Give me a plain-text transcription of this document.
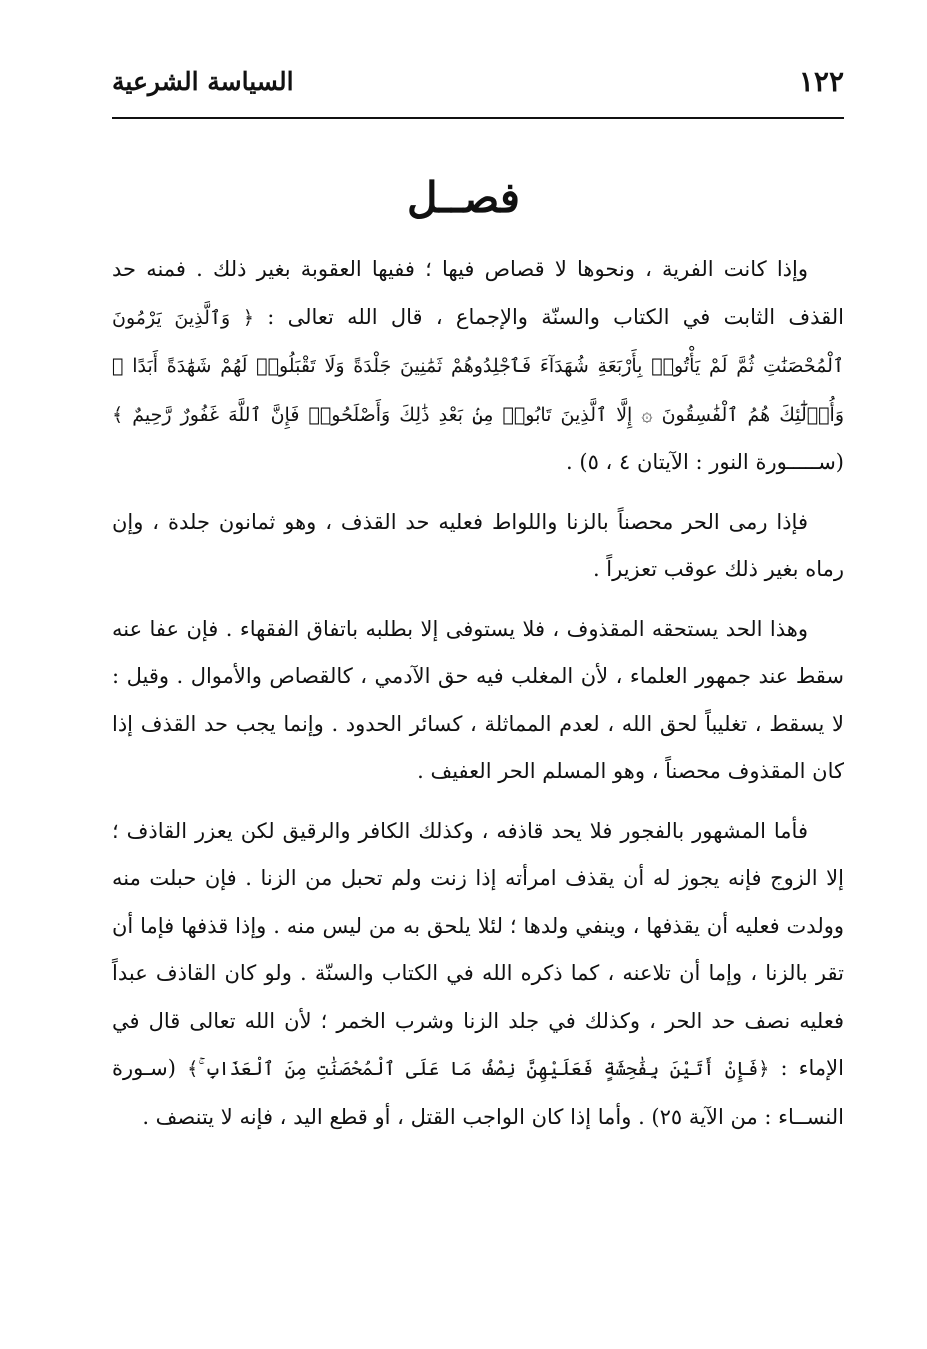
١٢٢
السياسة الشرعية
فصــل

وإذا كانت الفرية ، ونحوها لا قصاص فيها ؛ ففيها العقوبة بغير ذلك . فمنه حد القذف الثابت في الكتاب والسنّة والإجماع ، قال الله تعالى : ﴿ وَٱلَّذِينَ يَرْمُونَ ٱلْمُحْصَنَٰتِ ثُمَّ لَمْ يَأْتُوا۟ بِأَرْبَعَةِ شُهَدَآءَ فَٱجْلِدُوهُمْ ثَمَٰنِينَ جَلْدَةً وَلَا تَقْبَلُوا۟ لَهُمْ شَهَٰدَةً أَبَدًا ۚ وَأُو۟لَٰٓئِكَ هُمُ ٱلْفَٰسِقُونَ ۞ إِلَّا ٱلَّذِينَ تَابُوا۟ مِنۢ بَعْدِ ذَٰلِكَ وَأَصْلَحُوا۟ فَإِنَّ ٱللَّهَ غَفُورٌ رَّحِيمٌ ﴾ (ســـــورة النور : الآيتان ٤ ، ٥) .

فإذا رمى الحر محصناً بالزنا واللواط فعليه حد القذف ، وهو ثمانون جلدة ، وإن رماه بغير ذلك عوقب تعزيراً .

وهذا الحد يستحقه المقذوف ، فلا يستوفى إلا بطلبه باتفاق الفقهاء . فإن عفا عنه سقط عند جمهور العلماء ، لأن المغلب فيه حق الآدمي ، كالقصاص والأموال . وقيل : لا يسقط ، تغليباً لحق الله ، لعدم المماثلة ، كسائر الحدود . وإنما يجب حد القذف إذا كان المقذوف محصناً ، وهو المسلم الحر العفيف .

فأما المشهور بالفجور فلا يحد قاذفه ، وكذلك الكافر والرقيق لكن يعزر القاذف ؛ إلا الزوج فإنه يجوز له أن يقذف امرأته إذا زنت ولم تحبل من الزنا . فإن حبلت منه وولدت فعليه أن يقذفها ، وينفي ولدها ؛ لئلا يلحق به من ليس منه . وإذا قذفها فإما أن تقر بالزنا ، وإما أن تلاعنه ، كما ذكره الله في الكتاب والسنّة . ولو كان القاذف عبداً فعليه نصف حد الحر ، وكذلك في جلد الزنا وشرب الخمر ؛ لأن الله تعالى قال في الإماء : ﴿فَإِنْ أَتَيْنَ بِفَٰحِشَةٍ فَعَلَيْهِنَّ نِصْفُ مَا عَلَى ٱلْمُحْصَنَٰتِ مِنَ ٱلْعَذَابِ ۚ﴾ (سـورة النســاء : من الآية ٢٥) . وأما إذا كان الواجب القتل ، أو قطع اليد ، فإنه لا يتنصف .
